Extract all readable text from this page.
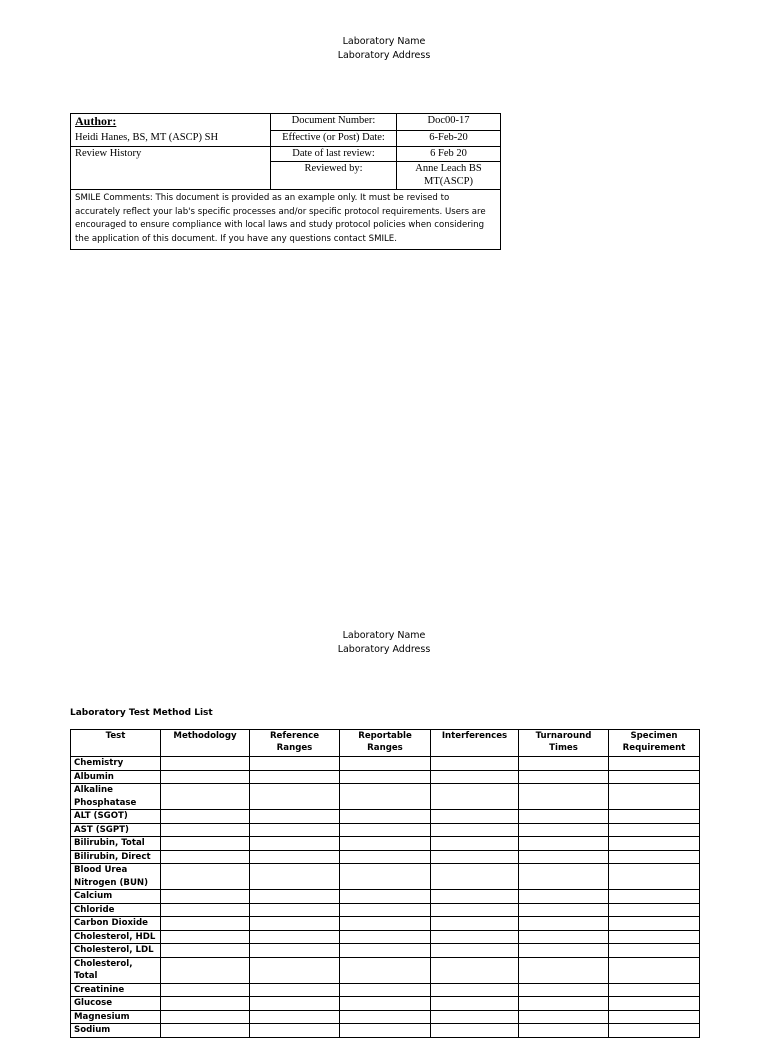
Laboratory Name
Laboratory Address
Author:	Document Number:	Doc00-17
Heidi Hanes, BS, MT (ASCP) SH	Effective (or Post) Date:	6-Feb-20
Review History	Date of last review:	6 Feb 20
	Reviewed by:	Anne Leach BS MT(ASCP)
SMILE Comments: This document is provided as an example only. It must be revised to accurately reflect your lab's specific processes and/or specific protocol requirements. Users are encouraged to ensure compliance with local laws and study protocol policies when considering the application of this document. If you have any questions contact SMILE.		
Laboratory Name
Laboratory Address
Laboratory Test Method List
Test	Methodology	Reference Ranges	Reportable Ranges	Interferences	Turnaround Times	Specimen Requirement
Chemistry						
Albumin						
Alkaline Phosphatase						
ALT (SGOT)						
AST (SGPT)						
Bilirubin, Total						
Bilirubin, Direct						
Blood Urea Nitrogen (BUN)						
Calcium						
Chloride						
Carbon Dioxide						
Cholesterol, HDL						
Cholesterol, LDL						
Cholesterol, Total						
Creatinine						
Glucose						
Magnesium						
Sodium						
